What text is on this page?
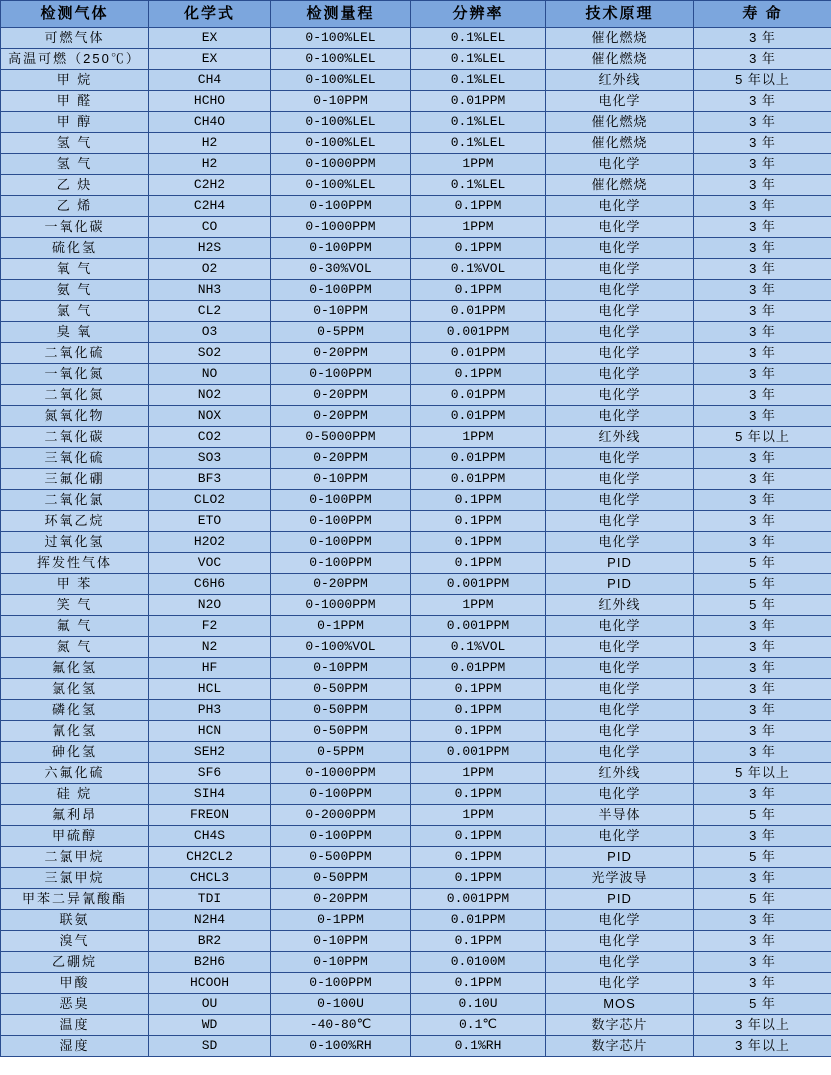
检测气体	化学式	检测量程	分辨率	技术原理	寿 命
可燃气体	EX	0-100%LEL	0.1%LEL	催化燃烧	3 年
高温可燃（250℃）	EX	0-100%LEL	0.1%LEL	催化燃烧	3 年
甲 烷	CH4	0-100%LEL	0.1%LEL	红外线	5 年以上
甲 醛	HCHO	0-10PPM	0.01PPM	电化学	3 年
甲 醇	CH4O	0-100%LEL	0.1%LEL	催化燃烧	3 年
氢 气	H2	0-100%LEL	0.1%LEL	催化燃烧	3 年
氢 气	H2	0-1000PPM	1PPM	电化学	3 年
乙 炔	C2H2	0-100%LEL	0.1%LEL	催化燃烧	3 年
乙 烯	C2H4	0-100PPM	0.1PPM	电化学	3 年
一氧化碳	CO	0-1000PPM	1PPM	电化学	3 年
硫化氢	H2S	0-100PPM	0.1PPM	电化学	3 年
氧 气	O2	0-30%VOL	0.1%VOL	电化学	3 年
氨 气	NH3	0-100PPM	0.1PPM	电化学	3 年
氯 气	CL2	0-10PPM	0.01PPM	电化学	3 年
臭 氧	O3	0-5PPM	0.001PPM	电化学	3 年
二氧化硫	SO2	0-20PPM	0.01PPM	电化学	3 年
一氧化氮	NO	0-100PPM	0.1PPM	电化学	3 年
二氧化氮	NO2	0-20PPM	0.01PPM	电化学	3 年
氮氧化物	NOX	0-20PPM	0.01PPM	电化学	3 年
二氧化碳	CO2	0-5000PPM	1PPM	红外线	5 年以上
三氧化硫	SO3	0-20PPM	0.01PPM	电化学	3 年
三氟化硼	BF3	0-10PPM	0.01PPM	电化学	3 年
二氧化氯	CLO2	0-100PPM	0.1PPM	电化学	3 年
环氧乙烷	ETO	0-100PPM	0.1PPM	电化学	3 年
过氧化氢	H2O2	0-100PPM	0.1PPM	电化学	3 年
挥发性气体	VOC	0-100PPM	0.1PPM	PID	5 年
甲 苯	C6H6	0-20PPM	0.001PPM	PID	5 年
笑 气	N2O	0-1000PPM	1PPM	红外线	5 年
氟 气	F2	0-1PPM	0.001PPM	电化学	3 年
氮 气	N2	0-100%VOL	0.1%VOL	电化学	3 年
氟化氢	HF	0-10PPM	0.01PPM	电化学	3 年
氯化氢	HCL	0-50PPM	0.1PPM	电化学	3 年
磷化氢	PH3	0-50PPM	0.1PPM	电化学	3 年
氰化氢	HCN	0-50PPM	0.1PPM	电化学	3 年
砷化氢	SEH2	0-5PPM	0.001PPM	电化学	3 年
六氟化硫	SF6	0-1000PPM	1PPM	红外线	5 年以上
硅 烷	SIH4	0-100PPM	0.1PPM	电化学	3 年
氟利昂	FREON	0-2000PPM	1PPM	半导体	5 年
甲硫醇	CH4S	0-100PPM	0.1PPM	电化学	3 年
二氯甲烷	CH2CL2	0-500PPM	0.1PPM	PID	5 年
三氯甲烷	CHCL3	0-50PPM	0.1PPM	光学波导	3 年
甲苯二异氰酸酯	TDI	0-20PPM	0.001PPM	PID	5 年
联氨	N2H4	0-1PPM	0.01PPM	电化学	3 年
溴气	BR2	0-10PPM	0.1PPM	电化学	3 年
乙硼烷	B2H6	0-10PPM	0.0100M	电化学	3 年
甲酸	HCOOH	0-100PPM	0.1PPM	电化学	3 年
恶臭	OU	0-100U	0.10U	MOS	5 年
温度	WD	-40-80℃	0.1℃	数字芯片	3 年以上
湿度	SD	0-100%RH	0.1%RH	数字芯片	3 年以上
